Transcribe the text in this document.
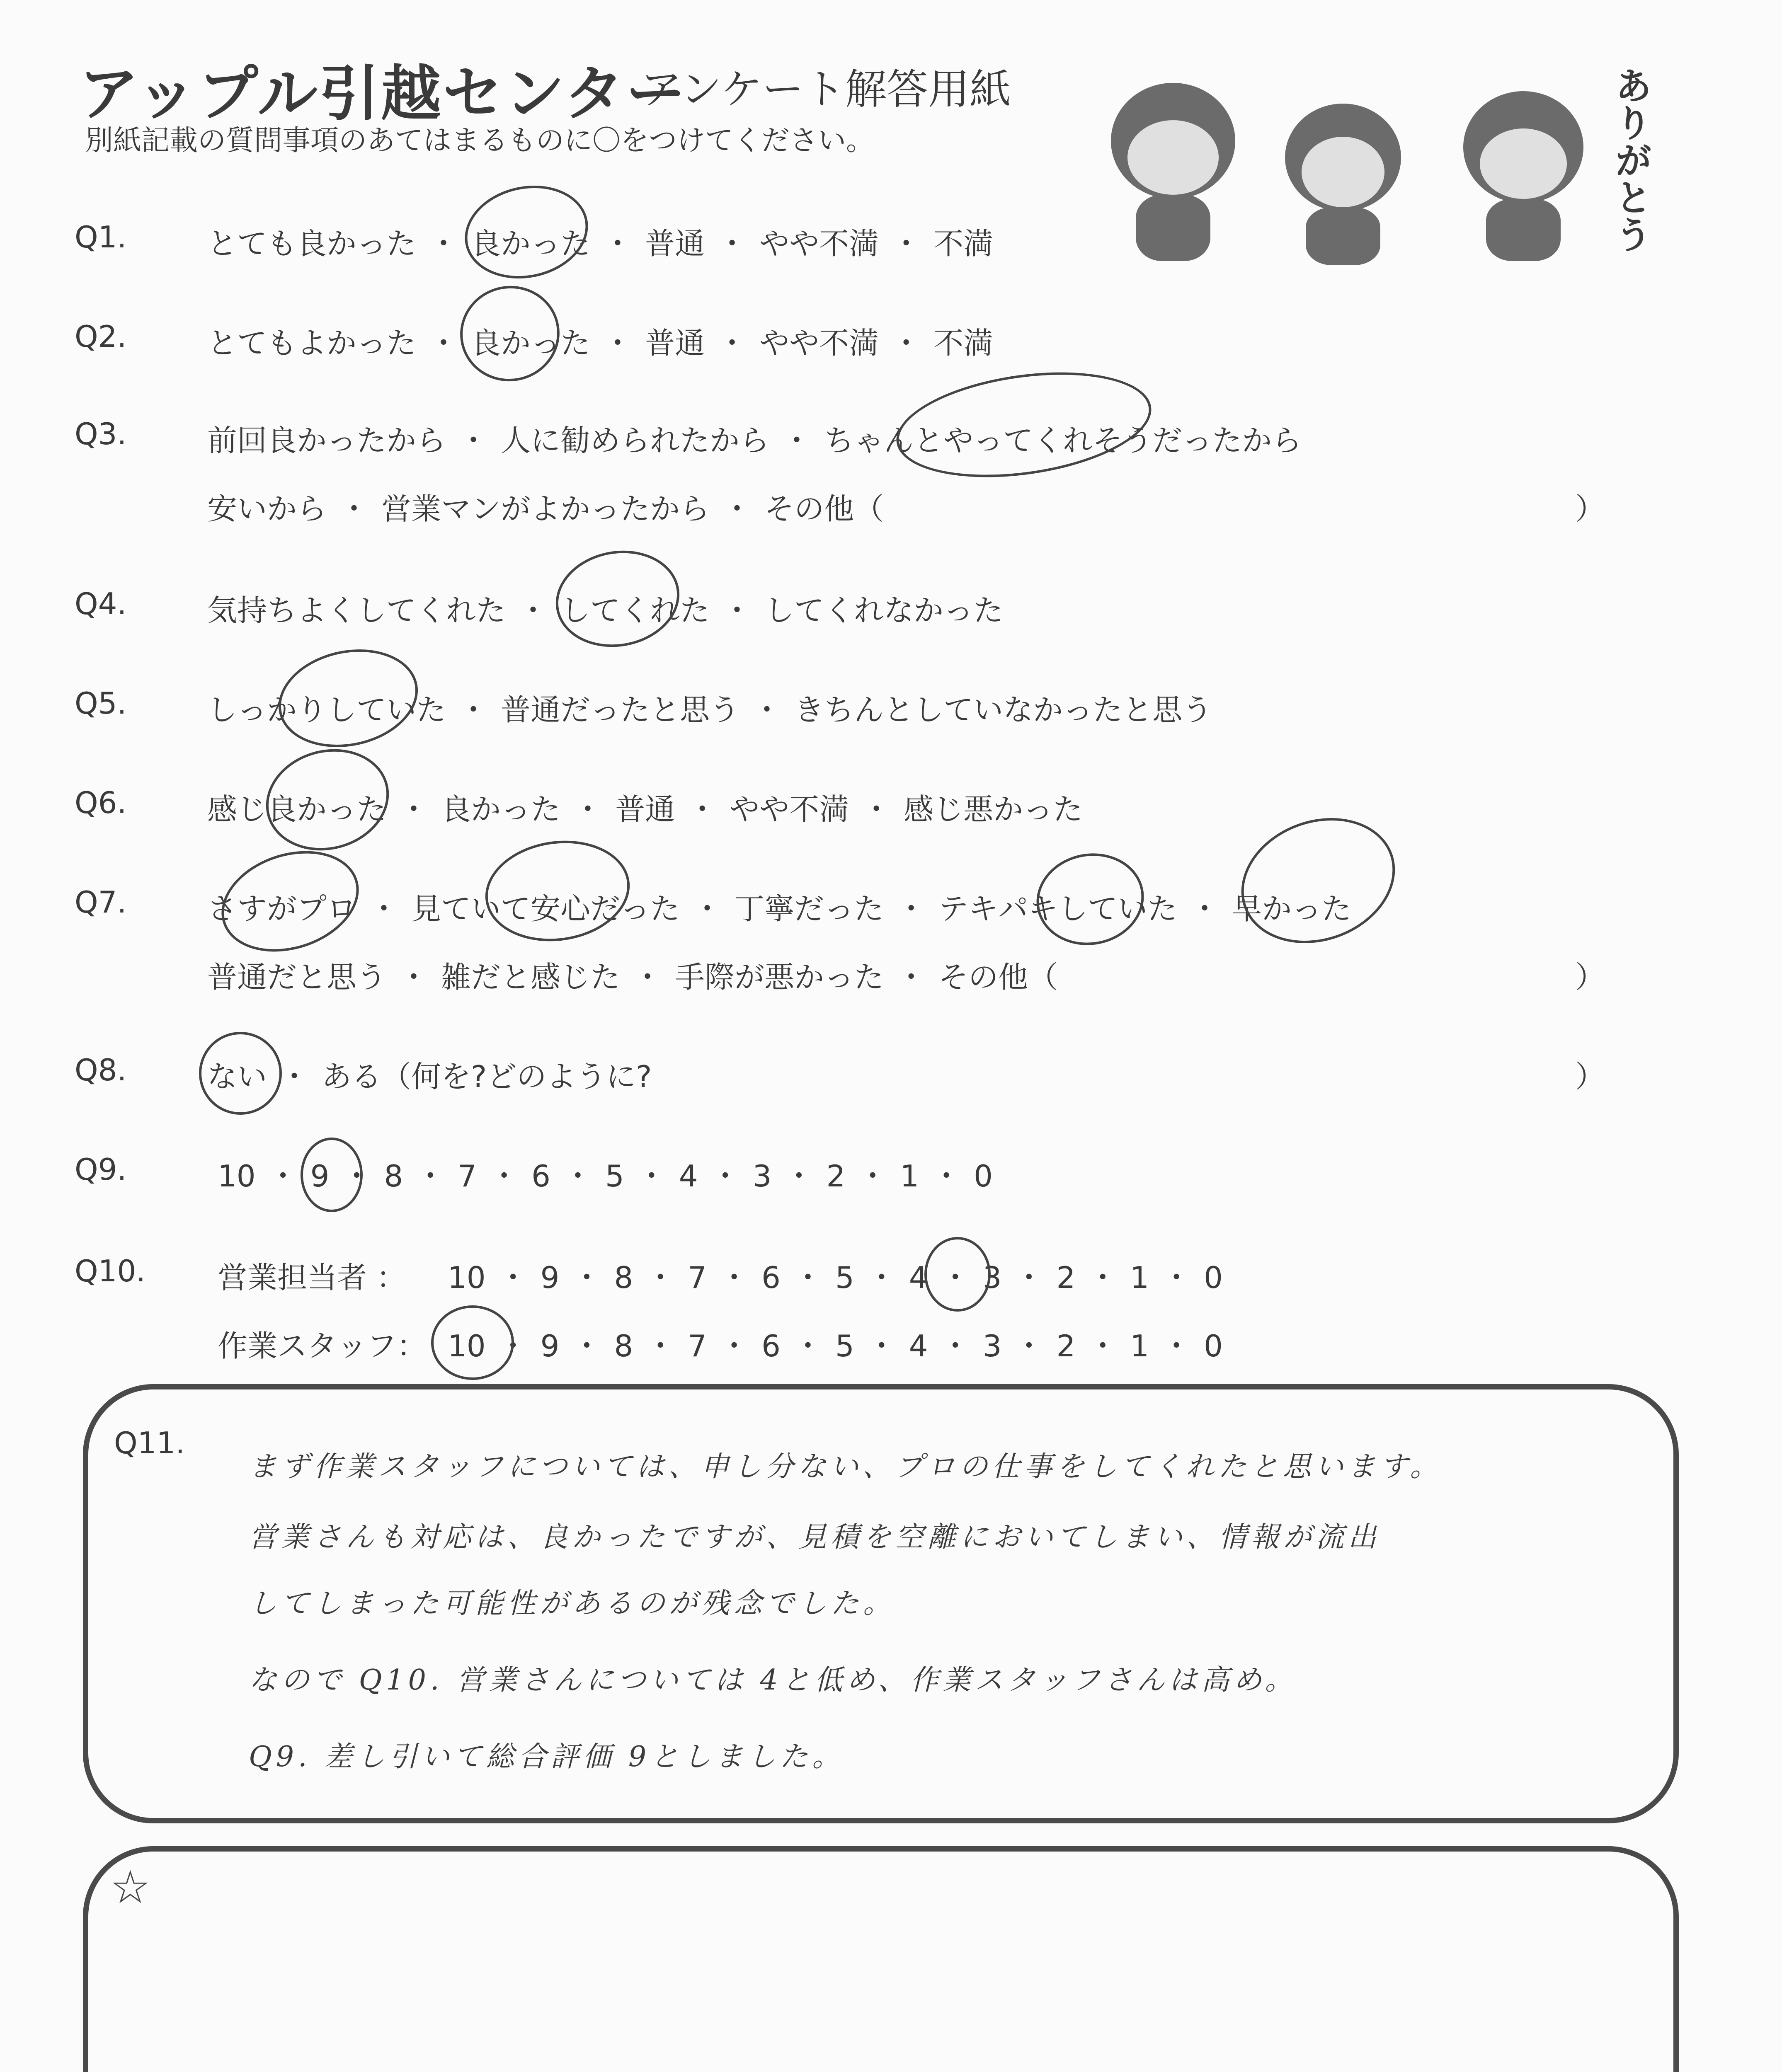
アップル引越センター
アンケート解答用紙
別紙記載の質問事項のあてはまるものに〇をつけてください。	ありがとう
Q1.	とても良かった ・ 良かった ・ 普通 ・ やや不満 ・ 不満
Q2.	とてもよかった ・ 良かった ・ 普通 ・ やや不満 ・ 不満
Q3.	前回良かったから ・ 人に勧められたから ・ ちゃんとやってくれそうだったから
安いから ・ 営業マンがよかったから ・ その他（	）
Q4.	気持ちよくしてくれた ・ してくれた ・ してくれなかった
Q5.	しっかりしていた ・ 普通だったと思う ・ きちんとしていなかったと思う
Q6.	感じ良かった ・ 良かった ・ 普通 ・ やや不満 ・ 感じ悪かった
Q7.	さすがプロ ・ 見ていて安心だった ・ 丁寧だった ・ テキパキしていた ・ 早かった
普通だと思う ・ 雑だと感じた ・ 手際が悪かった ・ その他（	）
Q8.	ない ・ ある（何を?どのように?	）
Q9.	10 ・ 9 ・ 8 ・ 7 ・ 6 ・ 5 ・ 4 ・ 3 ・ 2 ・ 1 ・ 0
Q10. 営業担当者 ： 10 ・ 9 ・ 8 ・ 7 ・ 6 ・ 5 ・ 4 ・ 3 ・ 2 ・ 1 ・ 0
作業スタッフ： 10 ・ 9 ・ 8 ・ 7 ・ 6 ・ 5 ・ 4 ・ 3 ・ 2 ・ 1 ・ 0
Q11.
まず作業スタッフについては、申し分ない、プロの仕事をしてくれたと思います。
営業さんも対応は、良かったですが、見積を空離においてしまい、情報が流出
してしまった可能性があるのが残念でした。
なので Q10. 営業さんについては 4と低め、作業スタッフさんは高め。
Q9. 差し引いて総合評価 9としました。
☆
